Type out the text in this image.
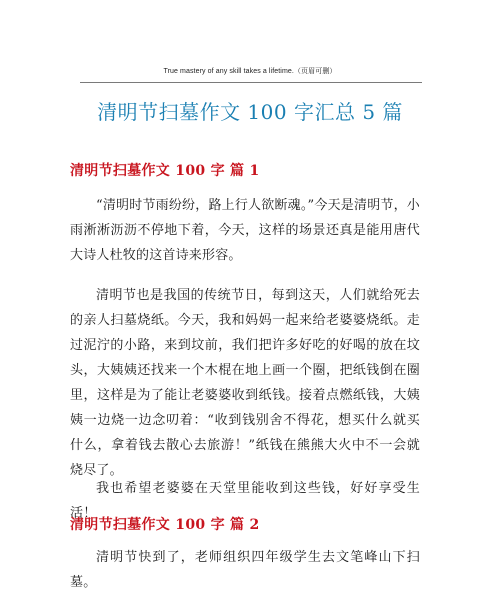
True mastery of any skill takes a lifetime.（页眉可删）
清明节扫墓作文 100 字汇总 5 篇
清明节扫墓作文 100 字 篇 1
“清明时节雨纷纷，路上行人欲断魂。”今天是清明节，小雨淅淅沥沥不停地下着，今天，这样的场景还真是能用唐代大诗人杜牧的这首诗来形容。
清明节也是我国的传统节日，每到这天，人们就给死去的亲人扫墓烧纸。今天，我和妈妈一起来给老婆婆烧纸。走过泥泞的小路，来到坟前，我们把许多好吃的好喝的放在坟头，大姨姨还找来一个木棍在地上画一个圈，把纸钱倒在圈里，这样是为了能让老婆婆收到纸钱。接着点燃纸钱，大姨姨一边烧一边念叨着：“收到钱别舍不得花，想买什么就买什么，拿着钱去散心去旅游！”纸钱在熊熊大火中不一会就烧尽了。
我也希望老婆婆在天堂里能收到这些钱，好好享受生活！
清明节扫墓作文 100 字 篇 2
清明节快到了，老师组织四年级学生去文笔峰山下扫墓。
